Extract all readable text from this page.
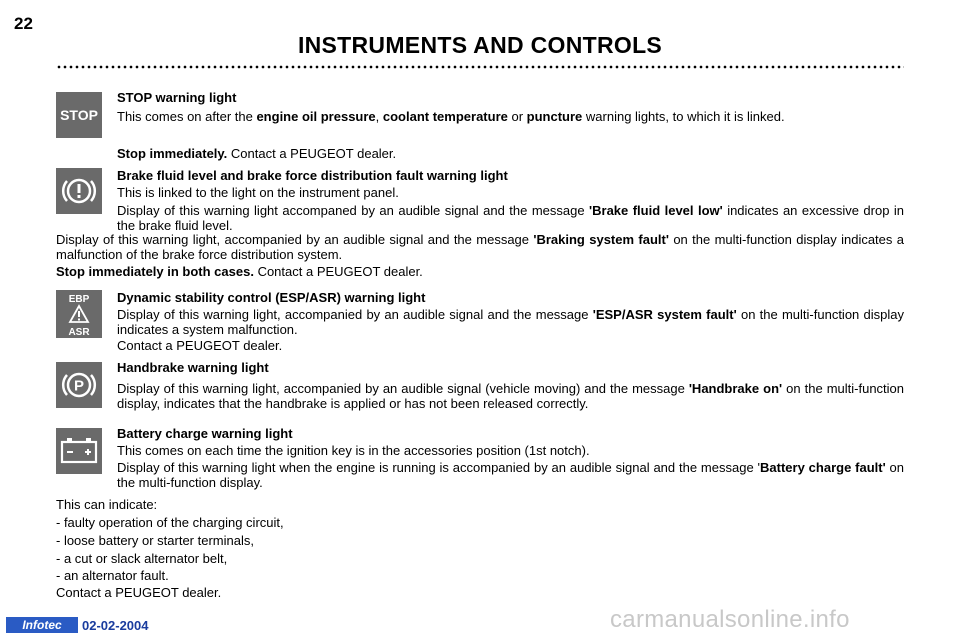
22
INSTRUMENTS AND CONTROLS
STOP
STOP warning light
This comes on after the engine oil pressure, coolant temperature or puncture warning lights, to which it is linked.
Stop immediately. Contact a PEUGEOT dealer.
Brake fluid level and brake force distribution fault warning light
This is linked to the light on the instrument panel.
Display of this warning light accompaned by an audible signal and the message 'Brake fluid level low' indicates an excessive drop in the brake fluid level.
Display of this warning light, accompanied by an audible signal and the message 'Braking system fault' on the multi-function display indicates a malfunction of the brake force distribution system.
Stop immediately in both cases. Contact a PEUGEOT dealer.
EBP
ASR
Dynamic stability control (ESP/ASR) warning light
Display of this warning light, accompanied by an audible signal and the message 'ESP/ASR system fault' on the multi-function display indicates a system malfunction.
Contact a PEUGEOT dealer.
P
Handbrake warning light
Display of this warning light, accompanied by an audible signal (vehicle moving) and the message 'Handbrake on' on the multi-function display, indicates that the handbrake is applied or has not been released correctly.
Battery charge warning light
This comes on each time the ignition key is in the accessories position (1st notch).
Display of this warning light when the engine is running is accompanied by an audible signal and the message 'Battery charge fault' on the multi-function display.
This can indicate:
- faulty operation of the charging circuit,
- loose battery or starter terminals,
- a cut or slack alternator belt,
- an alternator fault.
Contact a PEUGEOT dealer.
Infotec	02-02-2004	carmanualsonline.info
